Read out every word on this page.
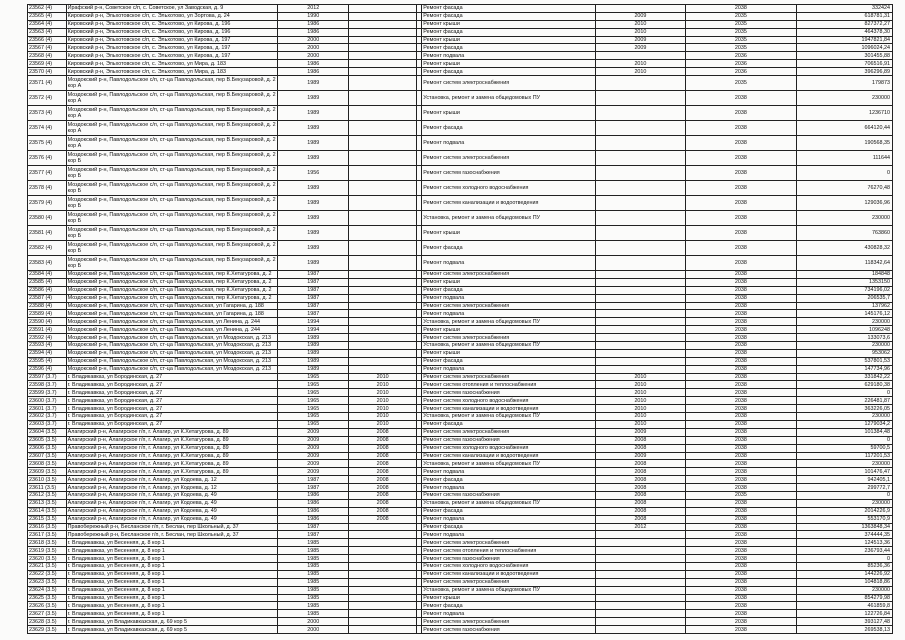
23562 (4)	Ирафский р-н, Советское с/п, с. Советское, ул Заводская, д. 9	2012			Ремонт фасада		2038	332424
23565 (4)	Кировский р-н, Эльхотовское с/п, с. Эльхотово, ул Зортова, д. 24	1990			Ремонт фасада	2009	2035	618781,31
23564 (4)	Кировский р-н, Эльхотовское с/п, с. Эльхотово, ул Кирова, д. 196	1986			Ремонт крыши	2010	2035	827372,27
23563 (4)	Кировский р-н, Эльхотовское с/п, с. Эльхотово, ул Кирова, д. 196	1986			Ремонт фасада	2010	2035	464378,30
23566 (4)	Кировский р-н, Эльхотовское с/п, с. Эльхотово, ул Кирова, д. 197	2000			Ремонт крыши	2009	2035	1947821,84
23567 (4)	Кировский р-н, Эльхотовское с/п, с. Эльхотово, ул Кирова, д. 197	2000			Ремонт фасада	2009	2035	1096024,24
23568 (4)	Кировский р-н, Эльхотовское с/п, с. Эльхотово, ул Кирова, д. 197	2000			Ремонт подвала		2036	301455,88
23569 (4)	Кировский р-н, Эльхотовское с/п, с. Эльхотово, ул Мира, д. 183	1986			Ремонт крыши	2010	2036	706516,91
23570 (4)	Кировский р-н, Эльхотовское с/п, с. Эльхотово, ул Мира, д. 183	1986			Ремонт фасада	2010	2036	396296,89
23571 (4)	Моздокский р-н, Павлодольское с/п, ст-ца Павлодольская, пер В.Бекузаровой, д. 2 кор А	1989			Ремонт систем электроснабжения		2035	179873
23572 (4)	Моздокский р-н, Павлодольское с/п, ст-ца Павлодольская, пер В.Бекузаровой, д. 2 кор А	1989			Установка, ремонт и замена общедомовых ПУ		2038	230000
23573 (4)	Моздокский р-н, Павлодольское с/п, ст-ца Павлодольская, пер В.Бекузаровой, д. 2 кор А	1989			Ремонт крыши		2038	1236710
23574 (4)	Моздокский р-н, Павлодольское с/п, ст-ца Павлодольская, пер В.Бекузаровой, д. 2 кор А	1989			Ремонт фасада		2038	664120,44
23575 (4)	Моздокский р-н, Павлодольское с/п, ст-ца Павлодольская, пер В.Бекузаровой, д. 2 кор А	1989			Ремонт подвала		2038	190568,35
23576 (4)	Моздокский р-н, Павлодольское с/п, ст-ца Павлодольская, пер В.Бекузаровой, д. 2 кор Б	1989			Ремонт систем электроснабжения		2038	111644
23577 (4)	Моздокский р-н, Павлодольское с/п, ст-ца Павлодольская, пер В.Бекузаровой, д. 2 кор Б	1956			Ремонт систем газоснабжения		2038	0
23578 (4)	Моздокский р-н, Павлодольское с/п, ст-ца Павлодольская, пер В.Бекузаровой, д. 2 кор Б	1989			Ремонт систем холодного водоснабжения		2038	76270,48
23579 (4)	Моздокский р-н, Павлодольское с/п, ст-ца Павлодольская, пер В.Бекузаровой, д. 2 кор Б	1989			Ремонт систем канализации и водоотведения		2038	129036,96
23580 (4)	Моздокский р-н, Павлодольское с/п, ст-ца Павлодольская, пер В.Бекузаровой, д. 2 кор Б	1989			Установка, ремонт и замена общедомовых ПУ		2038	230000
23581 (4)	Моздокский р-н, Павлодольское с/п, ст-ца Павлодольская, пер В.Бекузаровой, д. 2 кор Б	1989			Ремонт крыши		2038	763860
23582 (4)	Моздокский р-н, Павлодольское с/п, ст-ца Павлодольская, пер В.Бекузаровой, д. 2 кор Б	1989			Ремонт фасада		2038	430828,32
23583 (4)	Моздокский р-н, Павлодольское с/п, ст-ца Павлодольская, пер В.Бекузаровой, д. 2 кор Б	1989			Ремонт подвала		2038	118342,64
23584 (4)	Моздокский р-н, Павлодольское с/п, ст-ца Павлодольская, пер К.Хетагурова, д. 2	1987			Ремонт систем электроснабжения		2038	184848
23585 (4)	Моздокский р-н, Павлодольское с/п, ст-ца Павлодольская, пер К.Хетагурова, д. 2	1987			Ремонт крыши		2038	1353150
23586 (4)	Моздокский р-н, Павлодольское с/п, ст-ца Павлодольская, пер К.Хетагурова, д. 2	1987			Ремонт фасада		2038	734196,02
23587 (4)	Моздокский р-н, Павлодольское с/п, ст-ца Павлодольская, пер К.Хетагурова, д. 2	1987			Ремонт подвала		2038	206535,7
23588 (4)	Моздокский р-н, Павлодольское с/п, ст-ца Павлодольская, ул Гагарина, д. 188	1987			Ремонт систем электроснабжения		2038	137962
23589 (4)	Моздокский р-н, Павлодольское с/п, ст-ца Павлодольская, ул Гагарина, д. 188	1987			Ремонт подвала		2038	145176,12
23590 (4)	Моздокский р-н, Павлодольское с/п, ст-ца Павлодольская, ул Ленина, д. 244	1994			Установка, ремонт и замена общедомовых ПУ		2038	230000
23591 (4)	Моздокский р-н, Павлодольское с/п, ст-ца Павлодольская, ул Ленина, д. 244	1994			Ремонт крыши		2038	1096248
23592 (4)	Моздокский р-н, Павлодольское с/п, ст-ца Павлодольская, ул Моздокская, д. 213	1989			Ремонт систем электроснабжения		2038	133073,6
23593 (4)	Моздокский р-н, Павлодольское с/п, ст-ца Павлодольская, ул Моздокская, д. 213	1989			Установка, ремонт и замена общедомовых ПУ		2038	230000
23594 (4)	Моздокский р-н, Павлодольское с/п, ст-ца Павлодольская, ул Моздокская, д. 213	1989			Ремонт крыши		2038	953062
23595 (4)	Моздокский р-н, Павлодольское с/п, ст-ца Павлодольская, ул Моздокская, д. 213	1989			Ремонт фасада		2038	537801,53
23596 (4)	Моздокский р-н, Павлодольское с/п, ст-ца Павлодольская, ул Моздокская, д. 213	1989			Ремонт подвала		2038	147734,96
23597 (3.7)	г. Владикавказ, ул Бородинская, д. 27	1965	2010		Ремонт систем электроснабжения	2010	2038	331842,22
23598 (3.7)	г. Владикавказ, ул Бородинская, д. 27	1965	2010		Ремонт систем отопления и теплоснабжения	2010	2038	629180,38
23599 (3.7)	г. Владикавказ, ул Бородинская, д. 27	1965	2010		Ремонт систем газоснабжения	2010	2038	0
23600 (3.7)	г. Владикавказ, ул Бородинская, д. 27	1965	2010		Ремонт систем холодного водоснабжения	2010	2038	226481,87
23601 (3.7)	г. Владикавказ, ул Бородинская, д. 27	1965	2010		Ремонт систем канализации и водоотведения	2010	2038	363226,05
23602 (3.7)	г. Владикавказ, ул Бородинская, д. 27	1965	2010		Установка, ремонт и замена общедомовых ПУ	2010	2038	230000
23603 (3.7)	г. Владикавказ, ул Бородинская, д. 27	1965	2010		Ремонт фасада	2010	2038	1279034,2
23604 (3.5)	Алагирский р-н, Алагирское г/п, г. Алагир, ул К.Хетагурова, д. 89	2009	2008		Ремонт систем электроснабжения	2009	2038	101384,48
23605 (3.5)	Алагирский р-н, Алагирское г/п, г. Алагир, ул К.Хетагурова, д. 89	2009	2008		Ремонт систем газоснабжения	2008	2038	0
23606 (3.5)	Алагирский р-н, Алагирское г/п, г. Алагир, ул К.Хетагурова, д. 89	2009	2008		Ремонт систем холодного водоснабжения	2008	2038	59700,5
23607 (3.5)	Алагирский р-н, Алагирское г/п, г. Алагир, ул К.Хетагурова, д. 89	2009	2008		Ремонт систем канализации и водоотведения	2009	2038	117201,53
23608 (3.5)	Алагирский р-н, Алагирское г/п, г. Алагир, ул К.Хетагурова, д. 89	2009	2008		Установка, ремонт и замена общедомовых ПУ	2008	2038	230000
23609 (3.5)	Алагирский р-н, Алагирское г/п, г. Алагир, ул К.Хетагурова, д. 89	2009	2008		Ремонт подвала	2008	2038	101476,47
23610 (3.5)	Алагирский р-н, Алагирское г/п, г. Алагир, ул Кодоева, д. 12	1987	2008		Ремонт фасада	2008	2038	942405,1
23611 (3.5)	Алагирский р-н, Алагирское г/п, г. Алагир, ул Кодоева, д. 12	1987	2008		Ремонт подвала	2008	2038	299772,7
23612 (3.5)	Алагирский р-н, Алагирское г/п, г. Алагир, ул Кодоева, д. 49	1986	2008		Ремонт систем газоснабжения	2008	2035	0
23613 (3.5)	Алагирский р-н, Алагирское г/п, г. Алагир, ул Кодоева, д. 49	1986	2008		Установка, ремонт и замена общедомовых ПУ	2008	2038	230000
23614 (3.5)	Алагирский р-н, Алагирское г/п, г. Алагир, ул Кодоева, д. 49	1986	2008		Ремонт фасада	2008	2038	2014226,9
23615 (3.5)	Алагирский р-н, Алагирское г/п, г. Алагир, ул Кодоева, д. 49	1986	2008		Ремонт подвала	2008	2038	553170,9
23616 (3.5)	Правобережный р-н, Бесланское г/п, г. Беслан, пер Школьный, д. 37	1987			Ремонт фасада	2012	2038	1363848,34
23617 (3.5)	Правобережный р-н, Бесланское г/п, г. Беслан, пер Школьный, д. 37	1987			Ремонт подвала		2038	374444,35
23618 (3.5)	г. Владикавказ, ул Весенняя, д. 8 кор 1	1985			Ремонт систем электроснабжения		2038	124513,36
23619 (3.5)	г. Владикавказ, ул Весенняя, д. 8 кор 1	1985			Ремонт систем отопления и теплоснабжения		2038	236793,44
23620 (3.5)	г. Владикавказ, ул Весенняя, д. 8 кор 1	1985			Ремонт систем газоснабжения		2038	0
23621 (3.5)	г. Владикавказ, ул Весенняя, д. 8 кор 1	1985			Ремонт систем холодного водоснабжения		2038	85236,36
23622 (3.5)	г. Владикавказ, ул Весенняя, д. 8 кор 1	1985			Ремонт систем канализации и водоотведения		2038	144226,92
23623 (3.5)	г. Владикавказ, ул Весенняя, д. 8 кор 1	1985			Ремонт систем электроснабжения		2038	104818,86
23624 (3.5)	г. Владикавказ, ул Весенняя, д. 8 кор 1	1985			Установка, ремонт и замена общедомовых ПУ		2038	230000
23625 (3.5)	г. Владикавказ, ул Весенняя, д. 8 кор 1	1985			Ремонт крыши		2038	854279,98
23626 (3.5)	г. Владикавказ, ул Весенняя, д. 8 кор 1	1985			Ремонт фасада		2038	461859,8
23627 (3.5)	г. Владикавказ, ул Весенняя, д. 8 кор 1	1985			Ремонт подвала		2038	122726,84
23628 (3.5)	г. Владикавказ, ул Владикавказская, д. 69 кор 5	2000			Ремонт систем электроснабжения		2038	393127,48
23629 (3.5)	г. Владикавказ, ул Владикавказская, д. 69 кор 5	2000			Ремонт систем газоснабжения		2038	269538,13
